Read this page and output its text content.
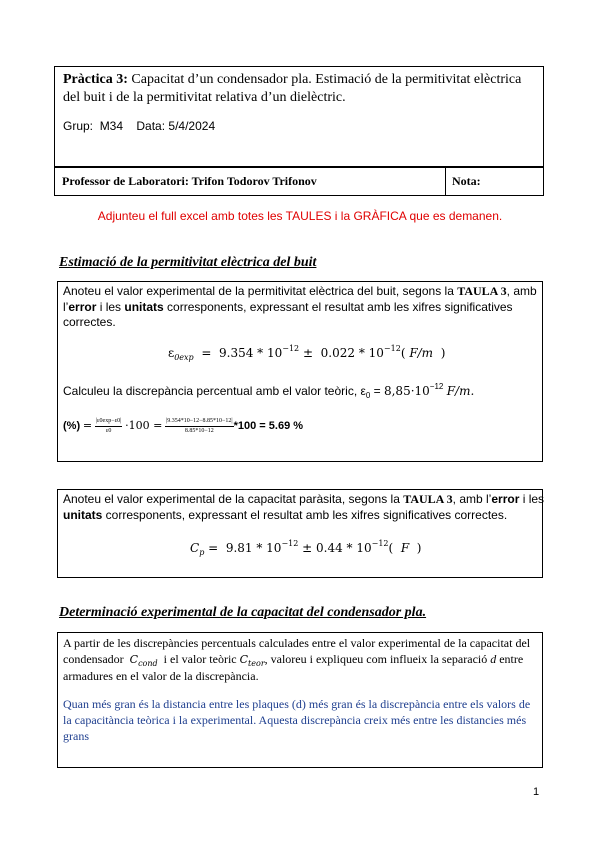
Pràctica 3: Capacitat d’un condensador pla. Estimació de la permitivitat elèctrica
del buit i de la permitivitat relativa d’un dielèctric.
Grup: M34 Data: 5/4/2024
Professor de Laboratori: Trifon Todorov Trifonov	Nota:
Adjunteu el full excel amb totes les TAULES i la GRÀFICA que es demanen.
Estimació de la permitivitat elèctrica del buit
Anoteu el valor experimental de la permitivitat elèctrica del buit, segons la TAULA 3, amb
l’error i les unitats corresponents, expressant el resultat amb les xifres significatives
correctes.
$\varepsilon_{0exp} = 9.354 * 10^{-12} \pm 0.022 * 10^{-12}$( F/m  )
Calculeu la discrepància percentual amb el valor teòric, $\varepsilon_0 = 8,85\cdot 10^{-12}$ F/m.
(%) = $\frac{|\varepsilon 0\exp-\varepsilon 0|}{\varepsilon 0} \cdot 100 = \frac{|9.354*10-12-8.85*10-12|}{8.85*10-12} *100 = 5.69$ %
Anoteu el valor experimental de la capacitat paràsita, segons la TAULA 3, amb l’error i les
unitats corresponents, expressant el resultat amb les xifres significatives correctes.
$C_p = 9.81 * 10^{-12} \pm 0.44 * 10^{-12}$(  F  )
Determinació experimental de la capacitat del condensador pla.
A partir de les discrepàncies percentuals calculades entre el valor experimental de la capacitat del
condensador $C_{cond}$ i el valor teòric $C_{teor}$, valoreu i expliqueu com influeix la separació d entre
armadures en el valor de la discrepància.
Quan més gran és la distancia entre les plaques (d) més gran és la discrepància entre els valors de
la capacitància teòrica i la experimental. Aquesta discrepància creix més entre les distancies més
grans
1
